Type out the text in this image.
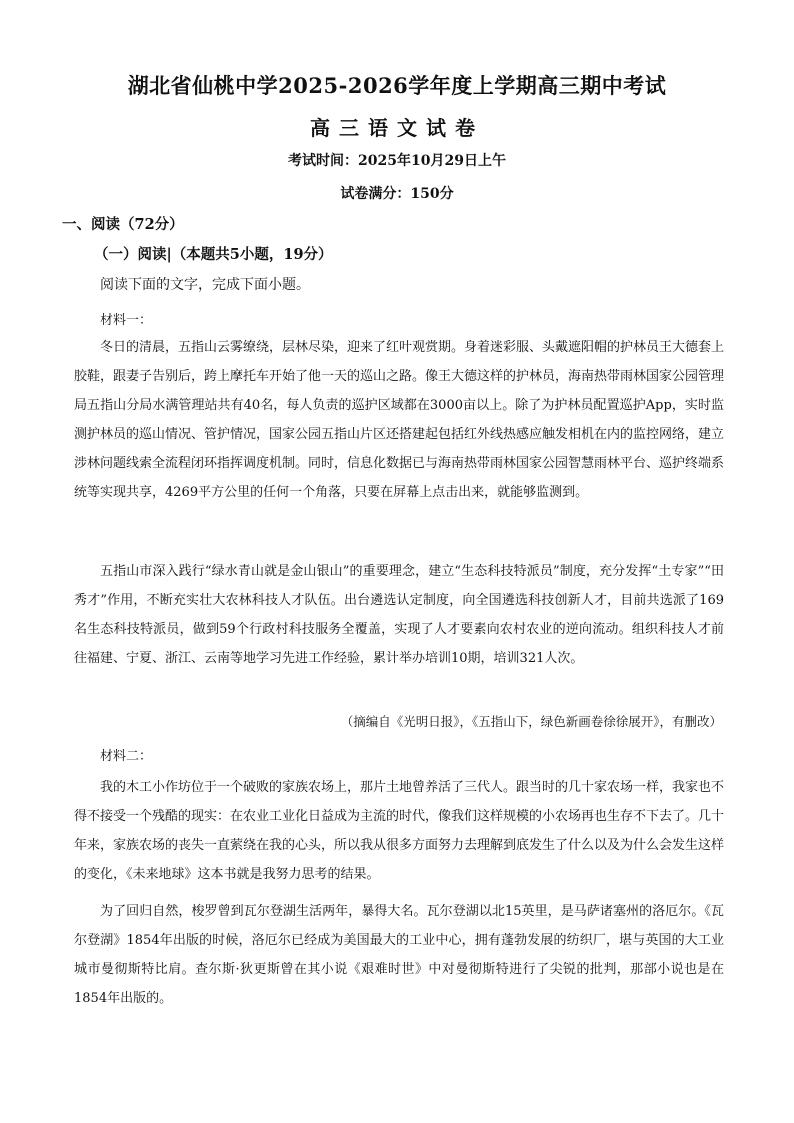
湖北省仙桃中学2025-2026学年度上学期高三期中考试
高三语文试卷
考试时间：2025年10月29日上午
试卷满分：150分
一、阅读（72分）
（一）阅读|（本题共5小题，19分）
阅读下面的文字，完成下面小题。
材料一：

冬日的清晨，五指山云雾缭绕，层林尽染，迎来了红叶观赏期。身着迷彩服、头戴遮阳帽的护林员王大德套上胶鞋，跟妻子告别后，跨上摩托车开始了他一天的巡山之路。像王大德这样的护林员，海南热带雨林国家公园管理局五指山分局水满管理站共有40名，每人负责的巡护区域都在3000亩以上。除了为护林员配置巡护App，实时监测护林员的巡山情况、管护情况，国家公园五指山片区还搭建起包括红外线热感应触发相机在内的监控网络，建立涉林问题线索全流程闭环指挥调度机制。同时，信息化数据已与海南热带雨林国家公园智慧雨林平台、巡护终端系统等实现共享，4269平方公里的任何一个角落，只要在屏幕上点击出来，就能够监测到。

五指山市深入践行“绿水青山就是金山银山”的重要理念，建立“生态科技特派员”制度，充分发挥“土专家”“田秀才”作用，不断充实壮大农林科技人才队伍。出台遴选认定制度，向全国遴选科技创新人才，目前共选派了169名生态科技特派员，做到59个行政村科技服务全覆盖，实现了人才要素向农村农业的逆向流动。组织科技人才前往福建、宁夏、浙江、云南等地学习先进工作经验，累计举办培训10期，培训321人次。

（摘编自《光明日报》，《五指山下，绿色新画卷徐徐展开》，有删改）
材料二：

我的木工小作坊位于一个破败的家族农场上，那片土地曾养活了三代人。跟当时的几十家农场一样，我家也不得不接受一个残酷的现实：在农业工业化日益成为主流的时代，像我们这样规模的小农场再也生存不下去了。几十年来，家族农场的丧失一直萦绕在我的心头，所以我从很多方面努力去理解到底发生了什么以及为什么会发生这样的变化，《未来地球》这本书就是我努力思考的结果。

为了回归自然，梭罗曾到瓦尔登湖生活两年，暴得大名。瓦尔登湖以北15英里，是马萨诸塞州的洛厄尔。《瓦尔登湖》1854年出版的时候，洛厄尔已经成为美国最大的工业中心，拥有蓬勃发展的纺织厂，堪与英国的大工业城市曼彻斯特比肩。查尔斯·狄更斯曾在其小说《艰难时世》中对曼彻斯特进行了尖锐的批判，那部小说也是在1854年出版的。
